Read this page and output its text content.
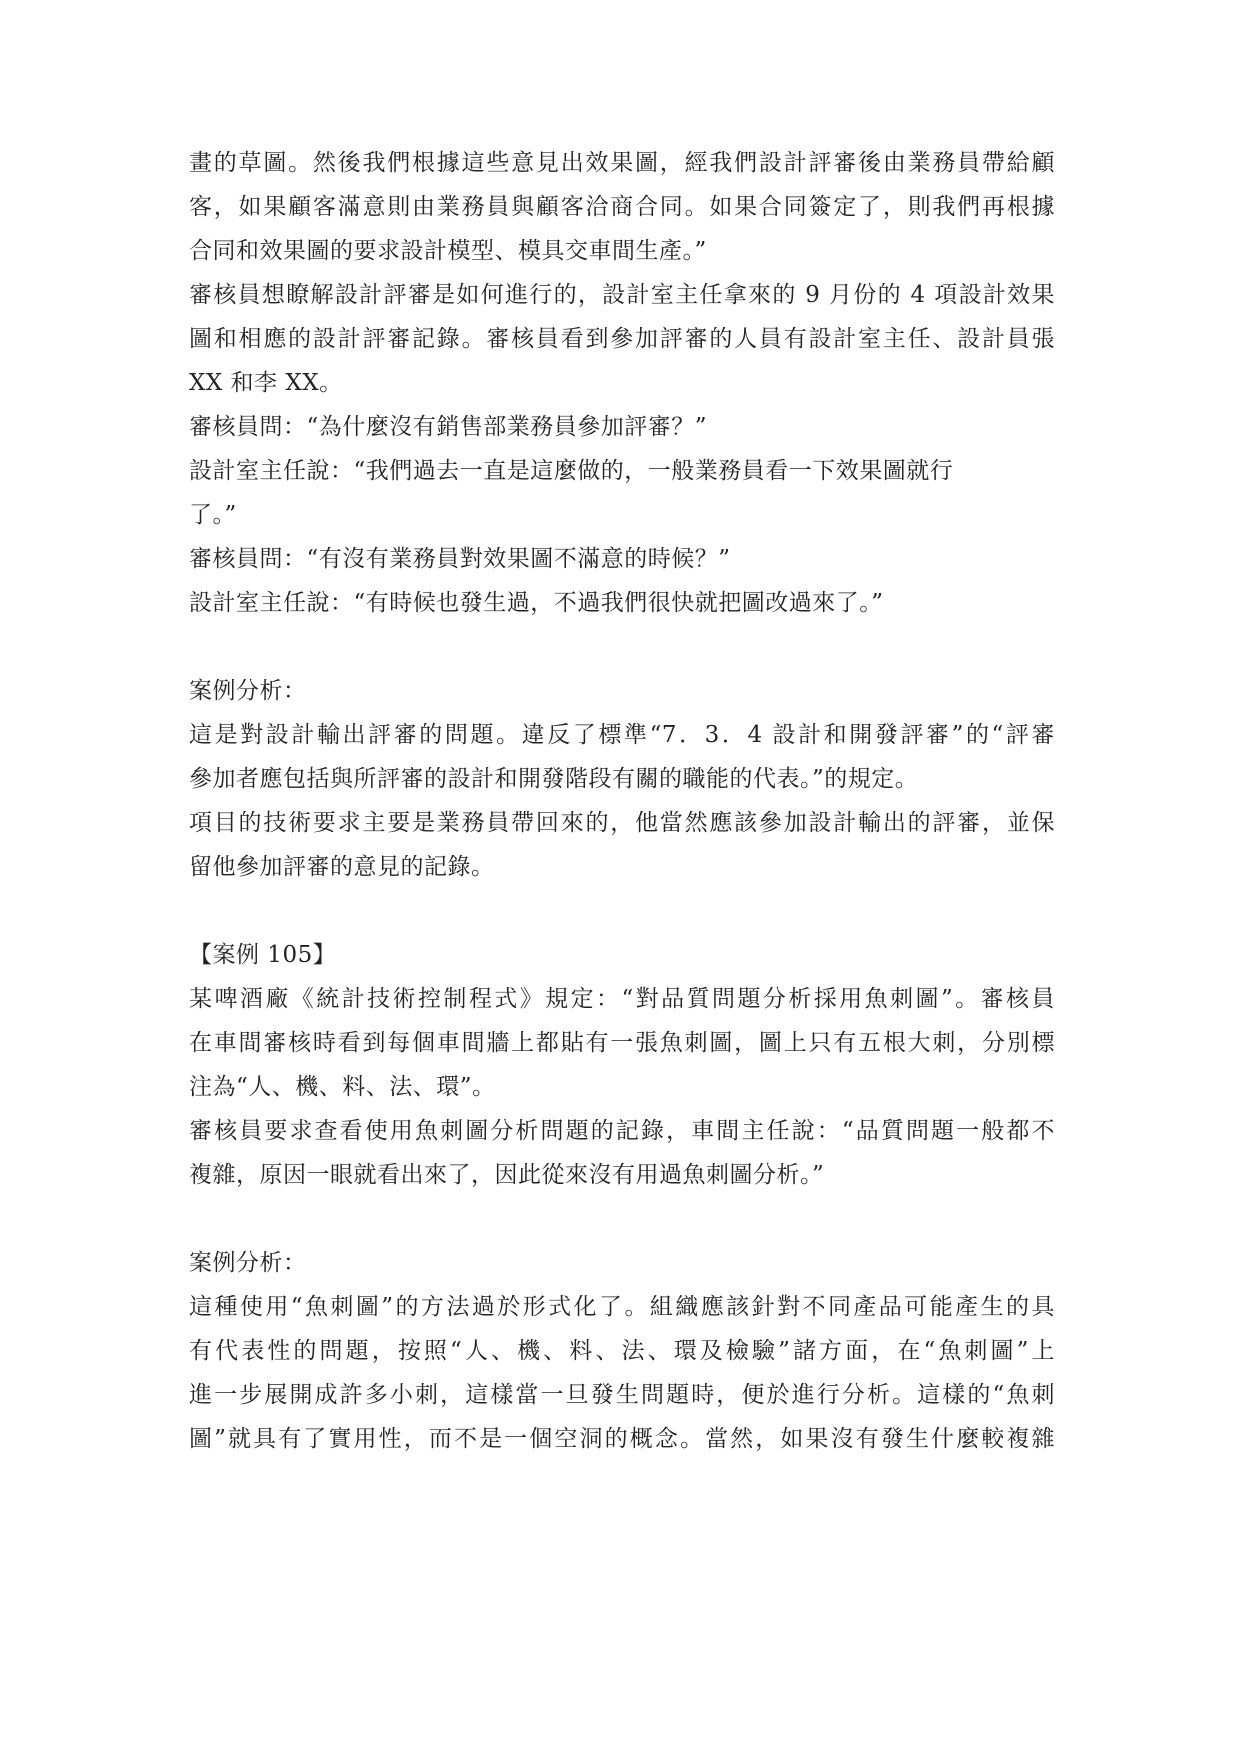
畫的草圖。然後我們根據這些意見出效果圖，經我們設計評審後由業務員帶給顧
客，如果顧客滿意則由業務員與顧客洽商合同。如果合同簽定了，則我們再根據
合同和效果圖的要求設計模型、模具交車間生產。”
審核員想瞭解設計評審是如何進行的，設計室主任拿來的 9 月份的 4 項設計效果
圖和相應的設計評審記錄。審核員看到參加評審的人員有設計室主任、設計員張
XX 和李 XX。
審核員問：“為什麼沒有銷售部業務員參加評審？”
設計室主任說：“我們過去一直是這麼做的，一般業務員看一下效果圖就行
了。”
審核員問：“有沒有業務員對效果圖不滿意的時候？”
設計室主任說：“有時候也發生過，不過我們很快就把圖改過來了。”
案例分析：
這是對設計輸出評審的問題。違反了標準“7．3．4 設計和開發評審”的“評審
參加者應包括與所評審的設計和開發階段有關的職能的代表。”的規定。
項目的技術要求主要是業務員帶回來的，他當然應該參加設計輸出的評審，並保
留他參加評審的意見的記錄。
【案例 105】
某啤酒廠《統計技術控制程式》規定：“對品質問題分析採用魚刺圖”。審核員
在車間審核時看到每個車間牆上都貼有一張魚刺圖，圖上只有五根大刺，分別標
注為“人、機、料、法、環”。
審核員要求查看使用魚刺圖分析問題的記錄，車間主任說：“品質問題一般都不
複雜，原因一眼就看出來了，因此從來沒有用過魚刺圖分析。”
案例分析：
這種使用“魚刺圖”的方法過於形式化了。組織應該針對不同產品可能產生的具
有代表性的問題，按照“人、機、料、法、環及檢驗”諸方面，在“魚刺圖”上
進一步展開成許多小刺，這樣當一旦發生問題時，便於進行分析。這樣的“魚刺
圖”就具有了實用性，而不是一個空洞的概念。當然，如果沒有發生什麼較複雜
